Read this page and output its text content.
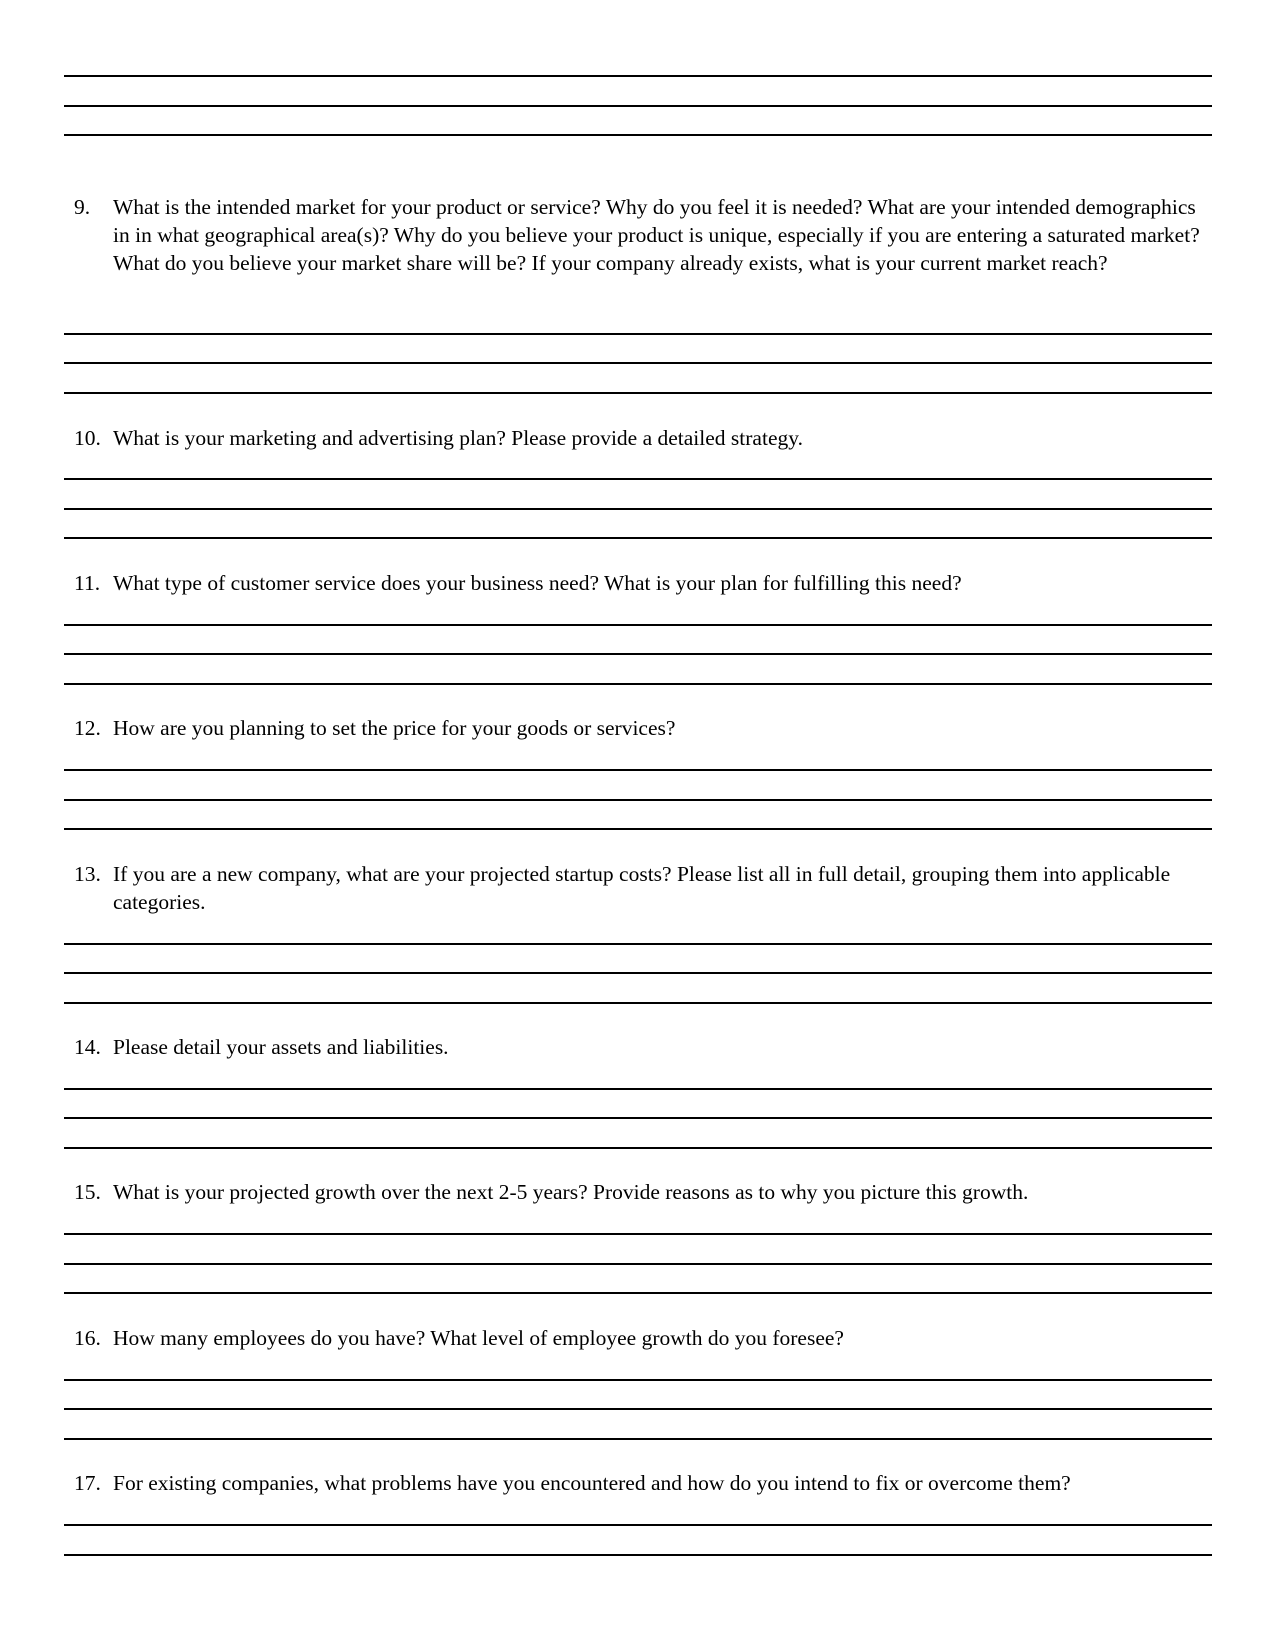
9.	What is the intended market for your product or service? Why do you feel it is needed? What are your intended demographics in in what geographical area(s)? Why do you believe your product is unique, especially if you are entering a saturated market? What do you believe your market share will be? If your company already exists, what is your current market reach?
10. What is your marketing and advertising plan? Please provide a detailed strategy.
11. What type of customer service does your business need? What is your plan for fulfilling this need?
12. How are you planning to set the price for your goods or services?
13. If you are a new company, what are your projected startup costs? Please list all in full detail, grouping them into applicable categories.
14. Please detail your assets and liabilities.
15. What is your projected growth over the next 2-5 years? Provide reasons as to why you picture this growth.
16. How many employees do you have? What level of employee growth do you foresee?
17. For existing companies, what problems have you encountered and how do you intend to fix or overcome them?
